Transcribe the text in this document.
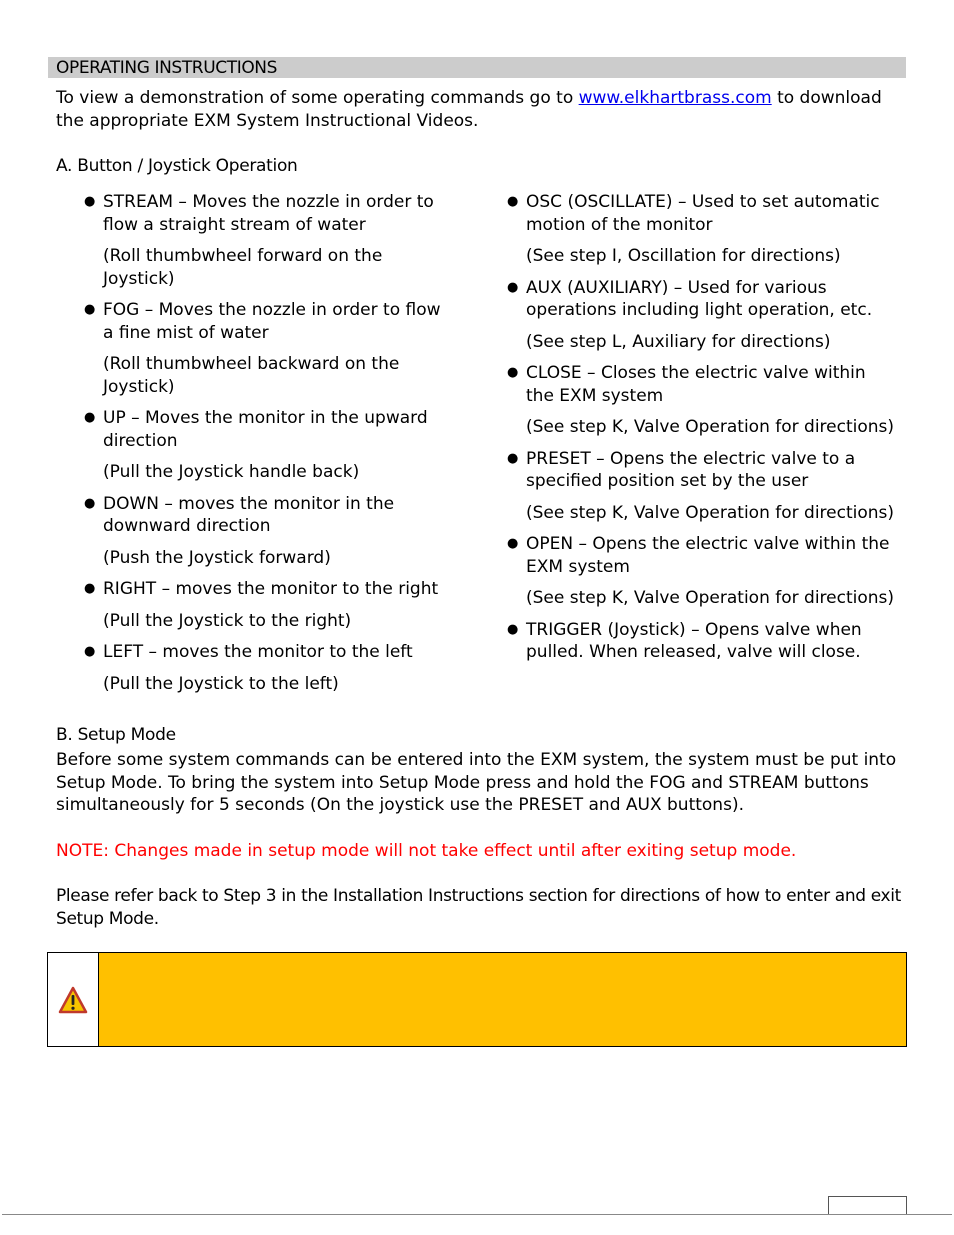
OPERATING INSTRUCTIONS
To view a demonstration of some operating commands go to www.elkhartbrass.com to download the appropriate EXM System Instructional Videos.
A. Button / Joystick Operation
● STREAM – Moves the nozzle in order to flow a straight stream of water
(Roll thumbwheel forward on the Joystick)
● FOG – Moves the nozzle in order to flow a fine mist of water
(Roll thumbwheel backward on the Joystick)
● UP – Moves the monitor in the upward direction
(Pull the Joystick handle back)
● DOWN – moves the monitor in the downward direction
(Push the Joystick forward)
● RIGHT – moves the monitor to the right
(Pull the Joystick to the right)
● LEFT – moves the monitor to the left
(Pull the Joystick to the left)
● OSC (OSCILLATE) – Used to set automatic motion of the monitor
(See step I, Oscillation for directions)
● AUX (AUXILIARY) – Used for various operations including light operation, etc.
(See step L, Auxiliary for directions)
● CLOSE – Closes the electric valve within the EXM system
(See step K, Valve Operation for directions)
● PRESET – Opens the electric valve to a specified position set by the user
(See step K, Valve Operation for directions)
● OPEN – Opens the electric valve within the EXM system
(See step K, Valve Operation for directions)
● TRIGGER (Joystick) – Opens valve when pulled. When released, valve will close.
B. Setup Mode
Before some system commands can be entered into the EXM system, the system must be put into Setup Mode. To bring the system into Setup Mode press and hold the FOG and STREAM buttons simultaneously for 5 seconds (On the joystick use the PRESET and AUX buttons).
NOTE: Changes made in setup mode will not take effect until after exiting setup mode.
Please refer back to Step 3 in the Installation Instructions section for directions of how to enter and exit Setup Mode.
